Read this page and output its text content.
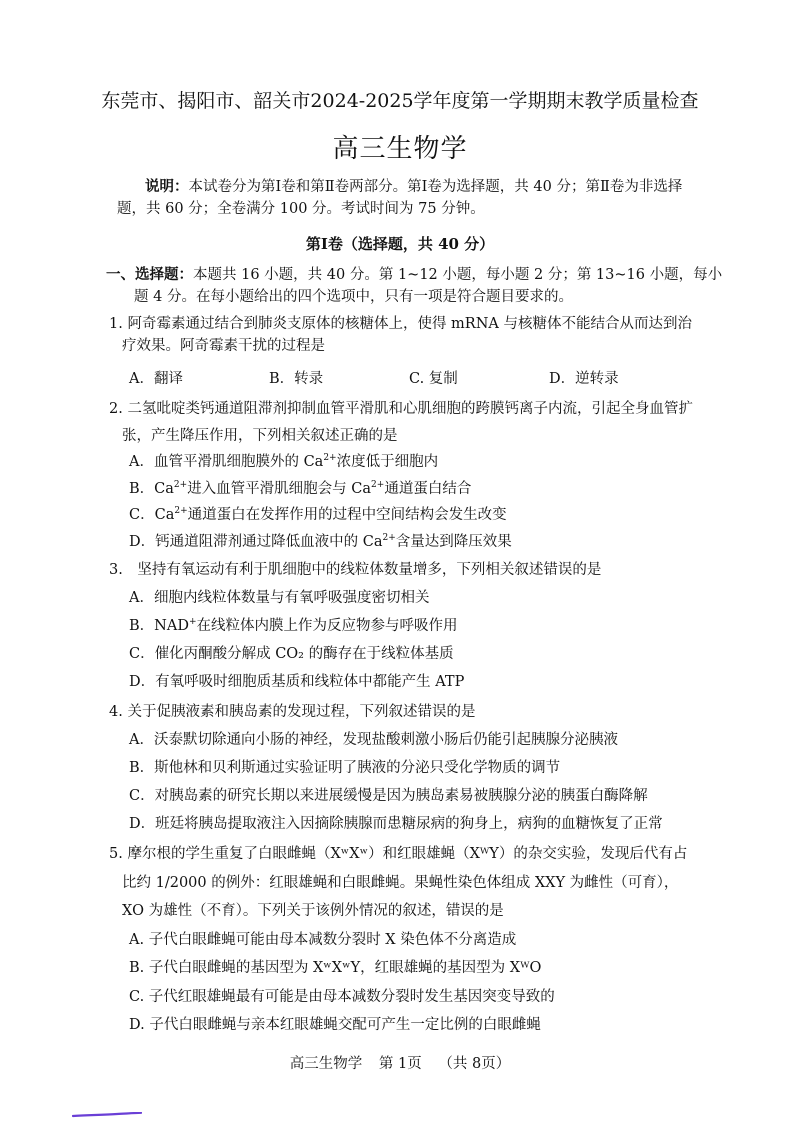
东莞市、揭阳市、韶关市2024-2025学年度第一学期期末教学质量检查
高三生物学
说明：本试卷分为第Ⅰ卷和第Ⅱ卷两部分。第Ⅰ卷为选择题，共 40 分；第Ⅱ卷为非选择题，共 60 分；全卷满分 100 分。考试时间为 75 分钟。
第Ⅰ卷（选择题，共 40 分）
一、选择题：本题共 16 小题，共 40 分。第 1~12 小题，每小题 2 分；第 13~16 小题，每小题 4 分。在每小题给出的四个选项中，只有一项是符合题目要求的。
1. 阿奇霉素通过结合到肺炎支原体的核糖体上，使得 mRNA 与核糖体不能结合从而达到治疗效果。阿奇霉素干扰的过程是
A．翻译	B．转录	C. 复制	D．逆转录
2. 二氢吡啶类钙通道阻滞剂抑制血管平滑肌和心肌细胞的跨膜钙离子内流，引起全身血管扩张，产生降压作用，下列相关叙述正确的是
A．血管平滑肌细胞膜外的 $Ca^{2+}$浓度低于细胞内
B．$Ca^{2+}$进入血管平滑肌细胞会与 $Ca^{2+}$通道蛋白结合
C．$Ca^{2+}$通道蛋白在发挥作用的过程中空间结构会发生改变
D．钙通道阻滞剂通过降低血液中的 $Ca^{2+}$含量达到降压效果
3.　坚持有氧运动有利于肌细胞中的线粒体数量增多，下列相关叙述错误的是
A．细胞内线粒体数量与有氧呼吸强度密切相关
B．NAD+在线粒体内膜上作为反应物参与呼吸作用
C．催化丙酮酸分解成 CO₂ 的酶存在于线粒体基质
D．有氧呼吸时细胞质基质和线粒体中都能产生 ATP
4. 关于促胰液素和胰岛素的发现过程，下列叙述错误的是
A．沃泰默切除通向小肠的神经，发现盐酸刺激小肠后仍能引起胰腺分泌胰液
B．斯他林和贝利斯通过实验证明了胰液的分泌只受化学物质的调节
C．对胰岛素的研究长期以来进展缓慢是因为胰岛素易被胰腺分泌的胰蛋白酶降解
D．班廷将胰岛提取液注入因摘除胰腺而患糖尿病的狗身上，病狗的血糖恢复了正常
5. 摩尔根的学生重复了白眼雌蝇（XʷXʷ）和红眼雄蝇（XᵂY）的杂交实验，发现后代有占比约 1/2000 的例外：红眼雄蝇和白眼雌蝇。果蝇性染色体组成 XXY 为雌性（可育），XO 为雄性（不育）。下列关于该例外情况的叙述，错误的是
A. 子代白眼雌蝇可能由母本减数分裂时 X 染色体不分离造成
B. 子代白眼雌蝇的基因型为 XʷXʷY，红眼雄蝇的基因型为 XᵂO
C. 子代红眼雄蝇最有可能是由母本减数分裂时发生基因突变导致的
D. 子代白眼雌蝇与亲本红眼雄蝇交配可产生一定比例的白眼雌蝇
高三生物学 第 1页 （共 8页）
